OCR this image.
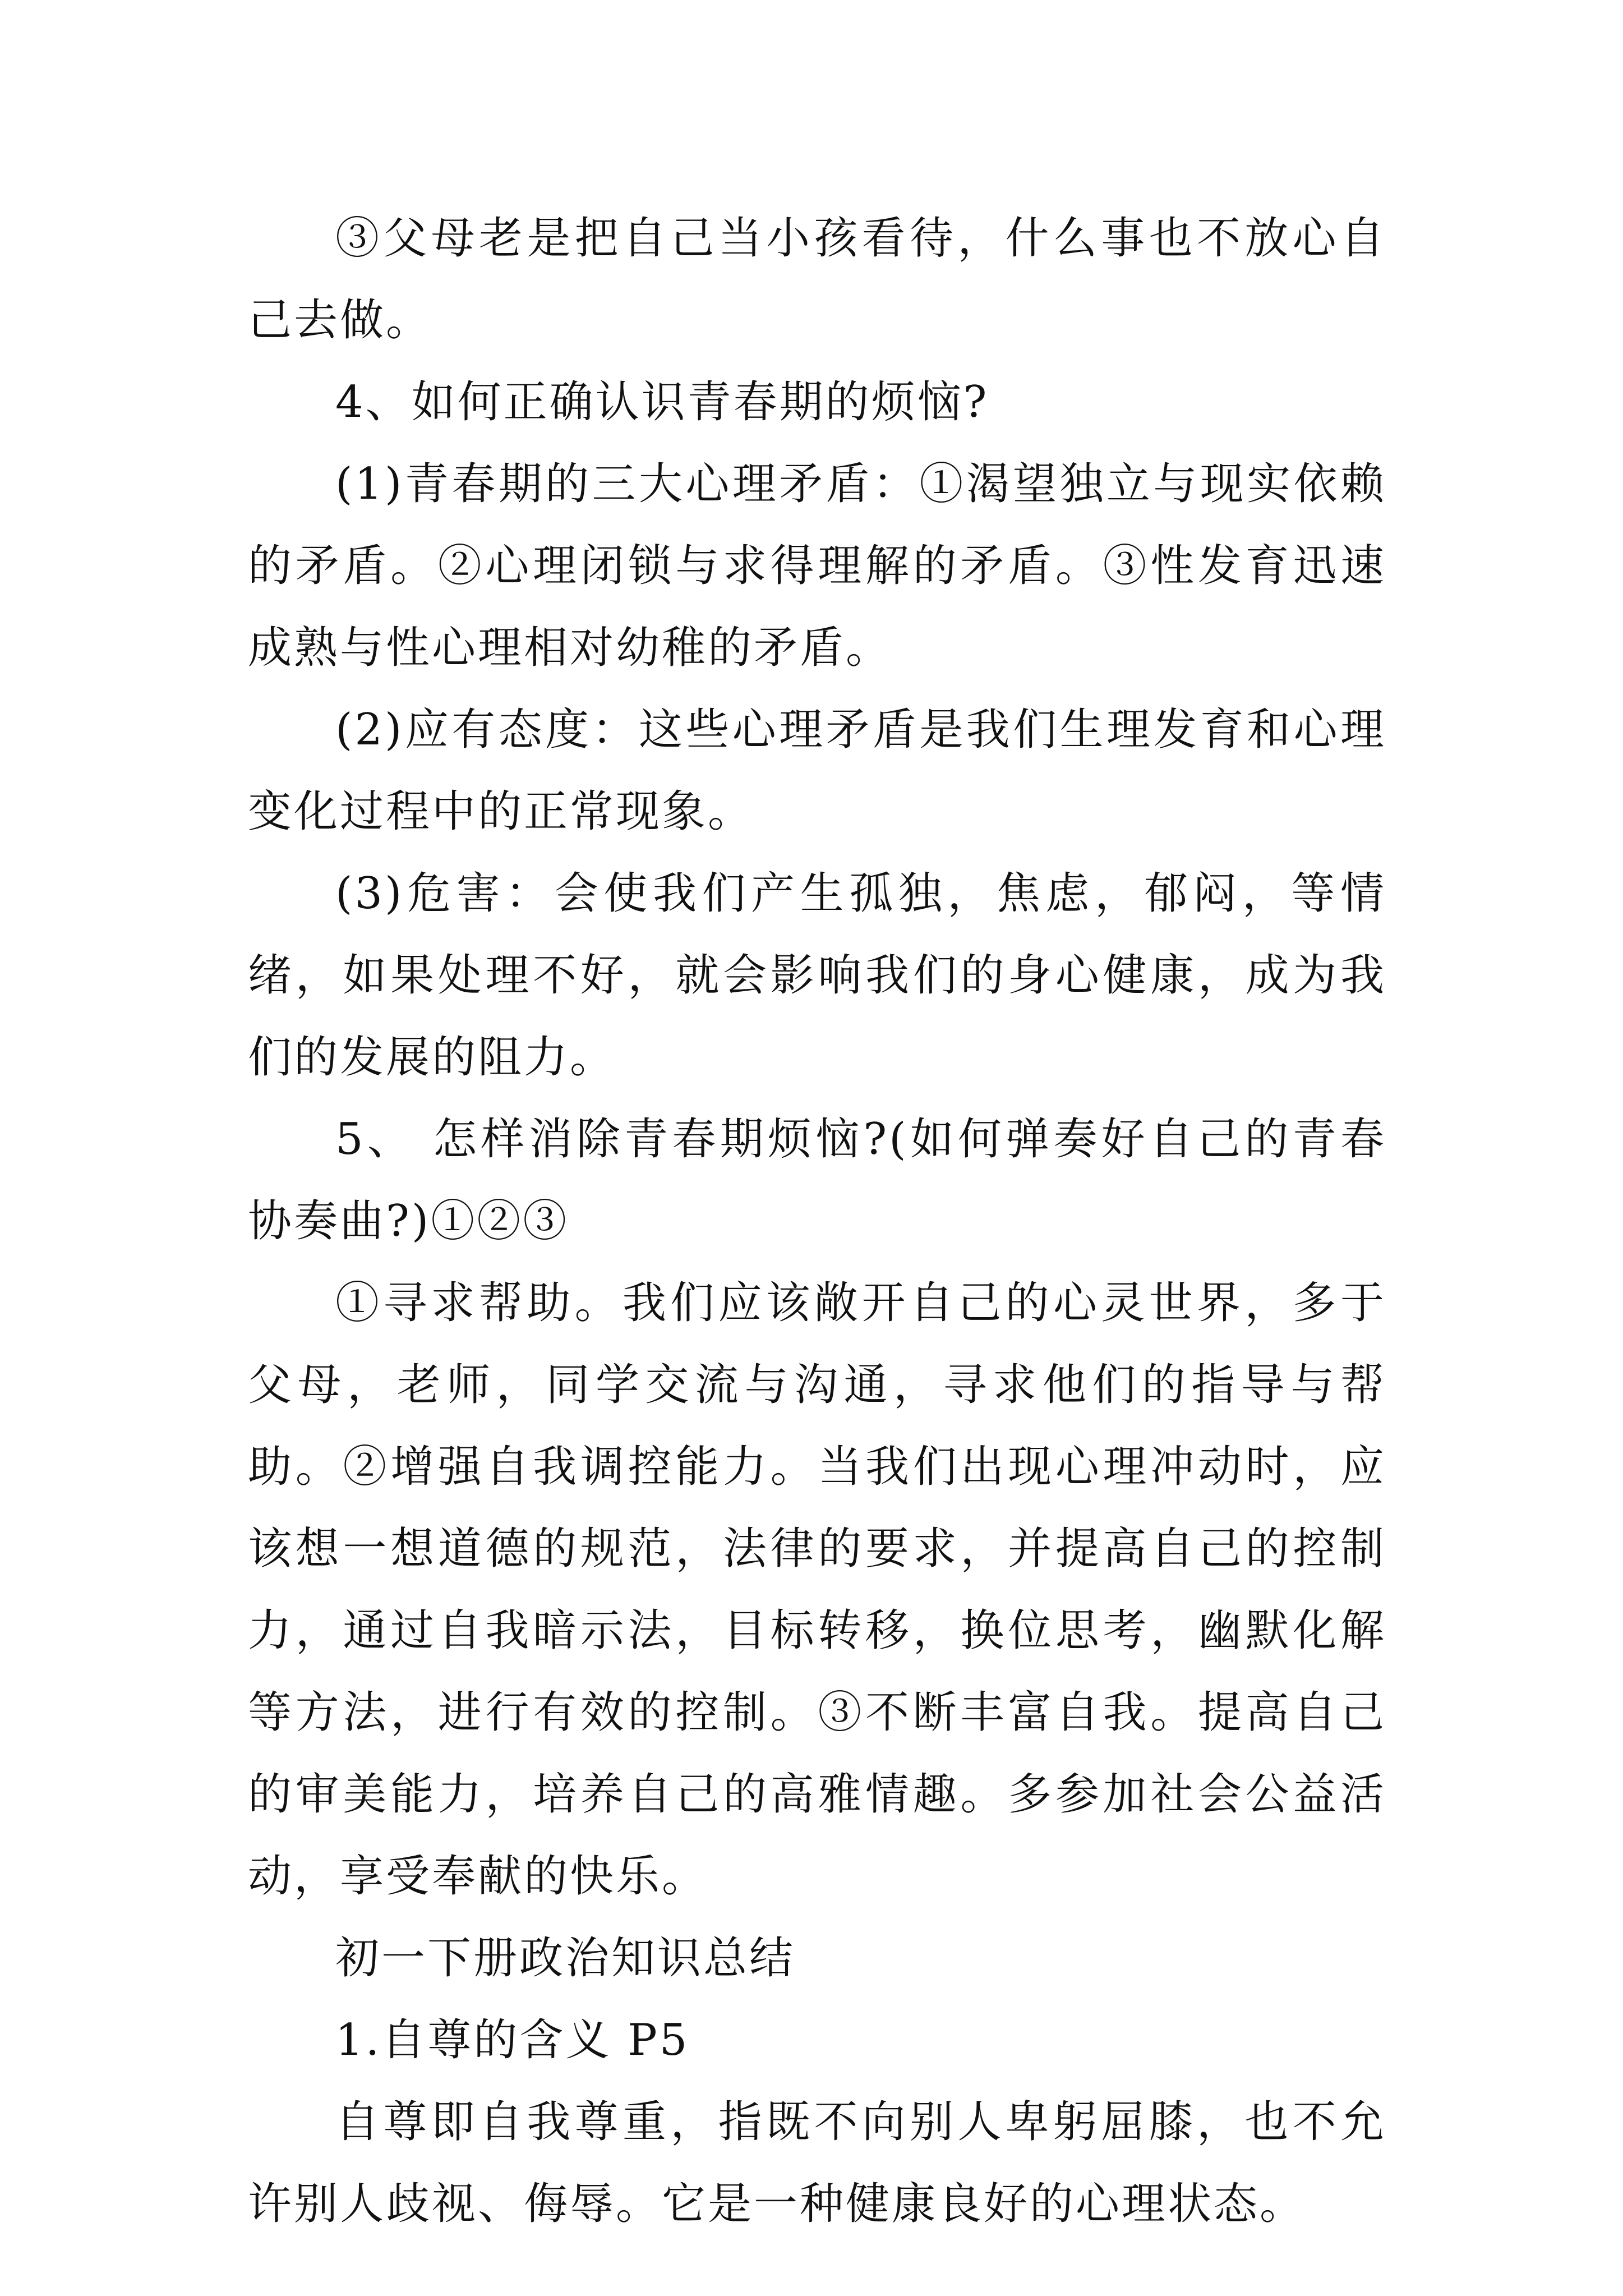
③父母老是把自己当小孩看待，什么事也不放心自己去做。

4、如何正确认识青春期的烦恼?

(1)青春期的三大心理矛盾：①渴望独立与现实依赖的矛盾。②心理闭锁与求得理解的矛盾。③性发育迅速成熟与性心理相对幼稚的矛盾。

(2)应有态度：这些心理矛盾是我们生理发育和心理变化过程中的正常现象。

(3)危害：会使我们产生孤独，焦虑，郁闷，等情绪，如果处理不好，就会影响我们的身心健康，成为我们的发展的阻力。

5、 怎样消除青春期烦恼?(如何弹奏好自己的青春协奏曲?)①②③

①寻求帮助。我们应该敞开自己的心灵世界，多于父母，老师，同学交流与沟通，寻求他们的指导与帮助。②增强自我调控能力。当我们出现心理冲动时，应该想一想道德的规范，法律的要求，并提高自己的控制力，通过自我暗示法，目标转移，换位思考，幽默化解等方法，进行有效的控制。③不断丰富自我。提高自己的审美能力，培养自己的高雅情趣。多参加社会公益活动，享受奉献的快乐。

初一下册政治知识总结

1.自尊的含义 P5

自尊即自我尊重，指既不向别人卑躬屈膝，也不允许别人歧视、侮辱。它是一种健康良好的心理状态。
